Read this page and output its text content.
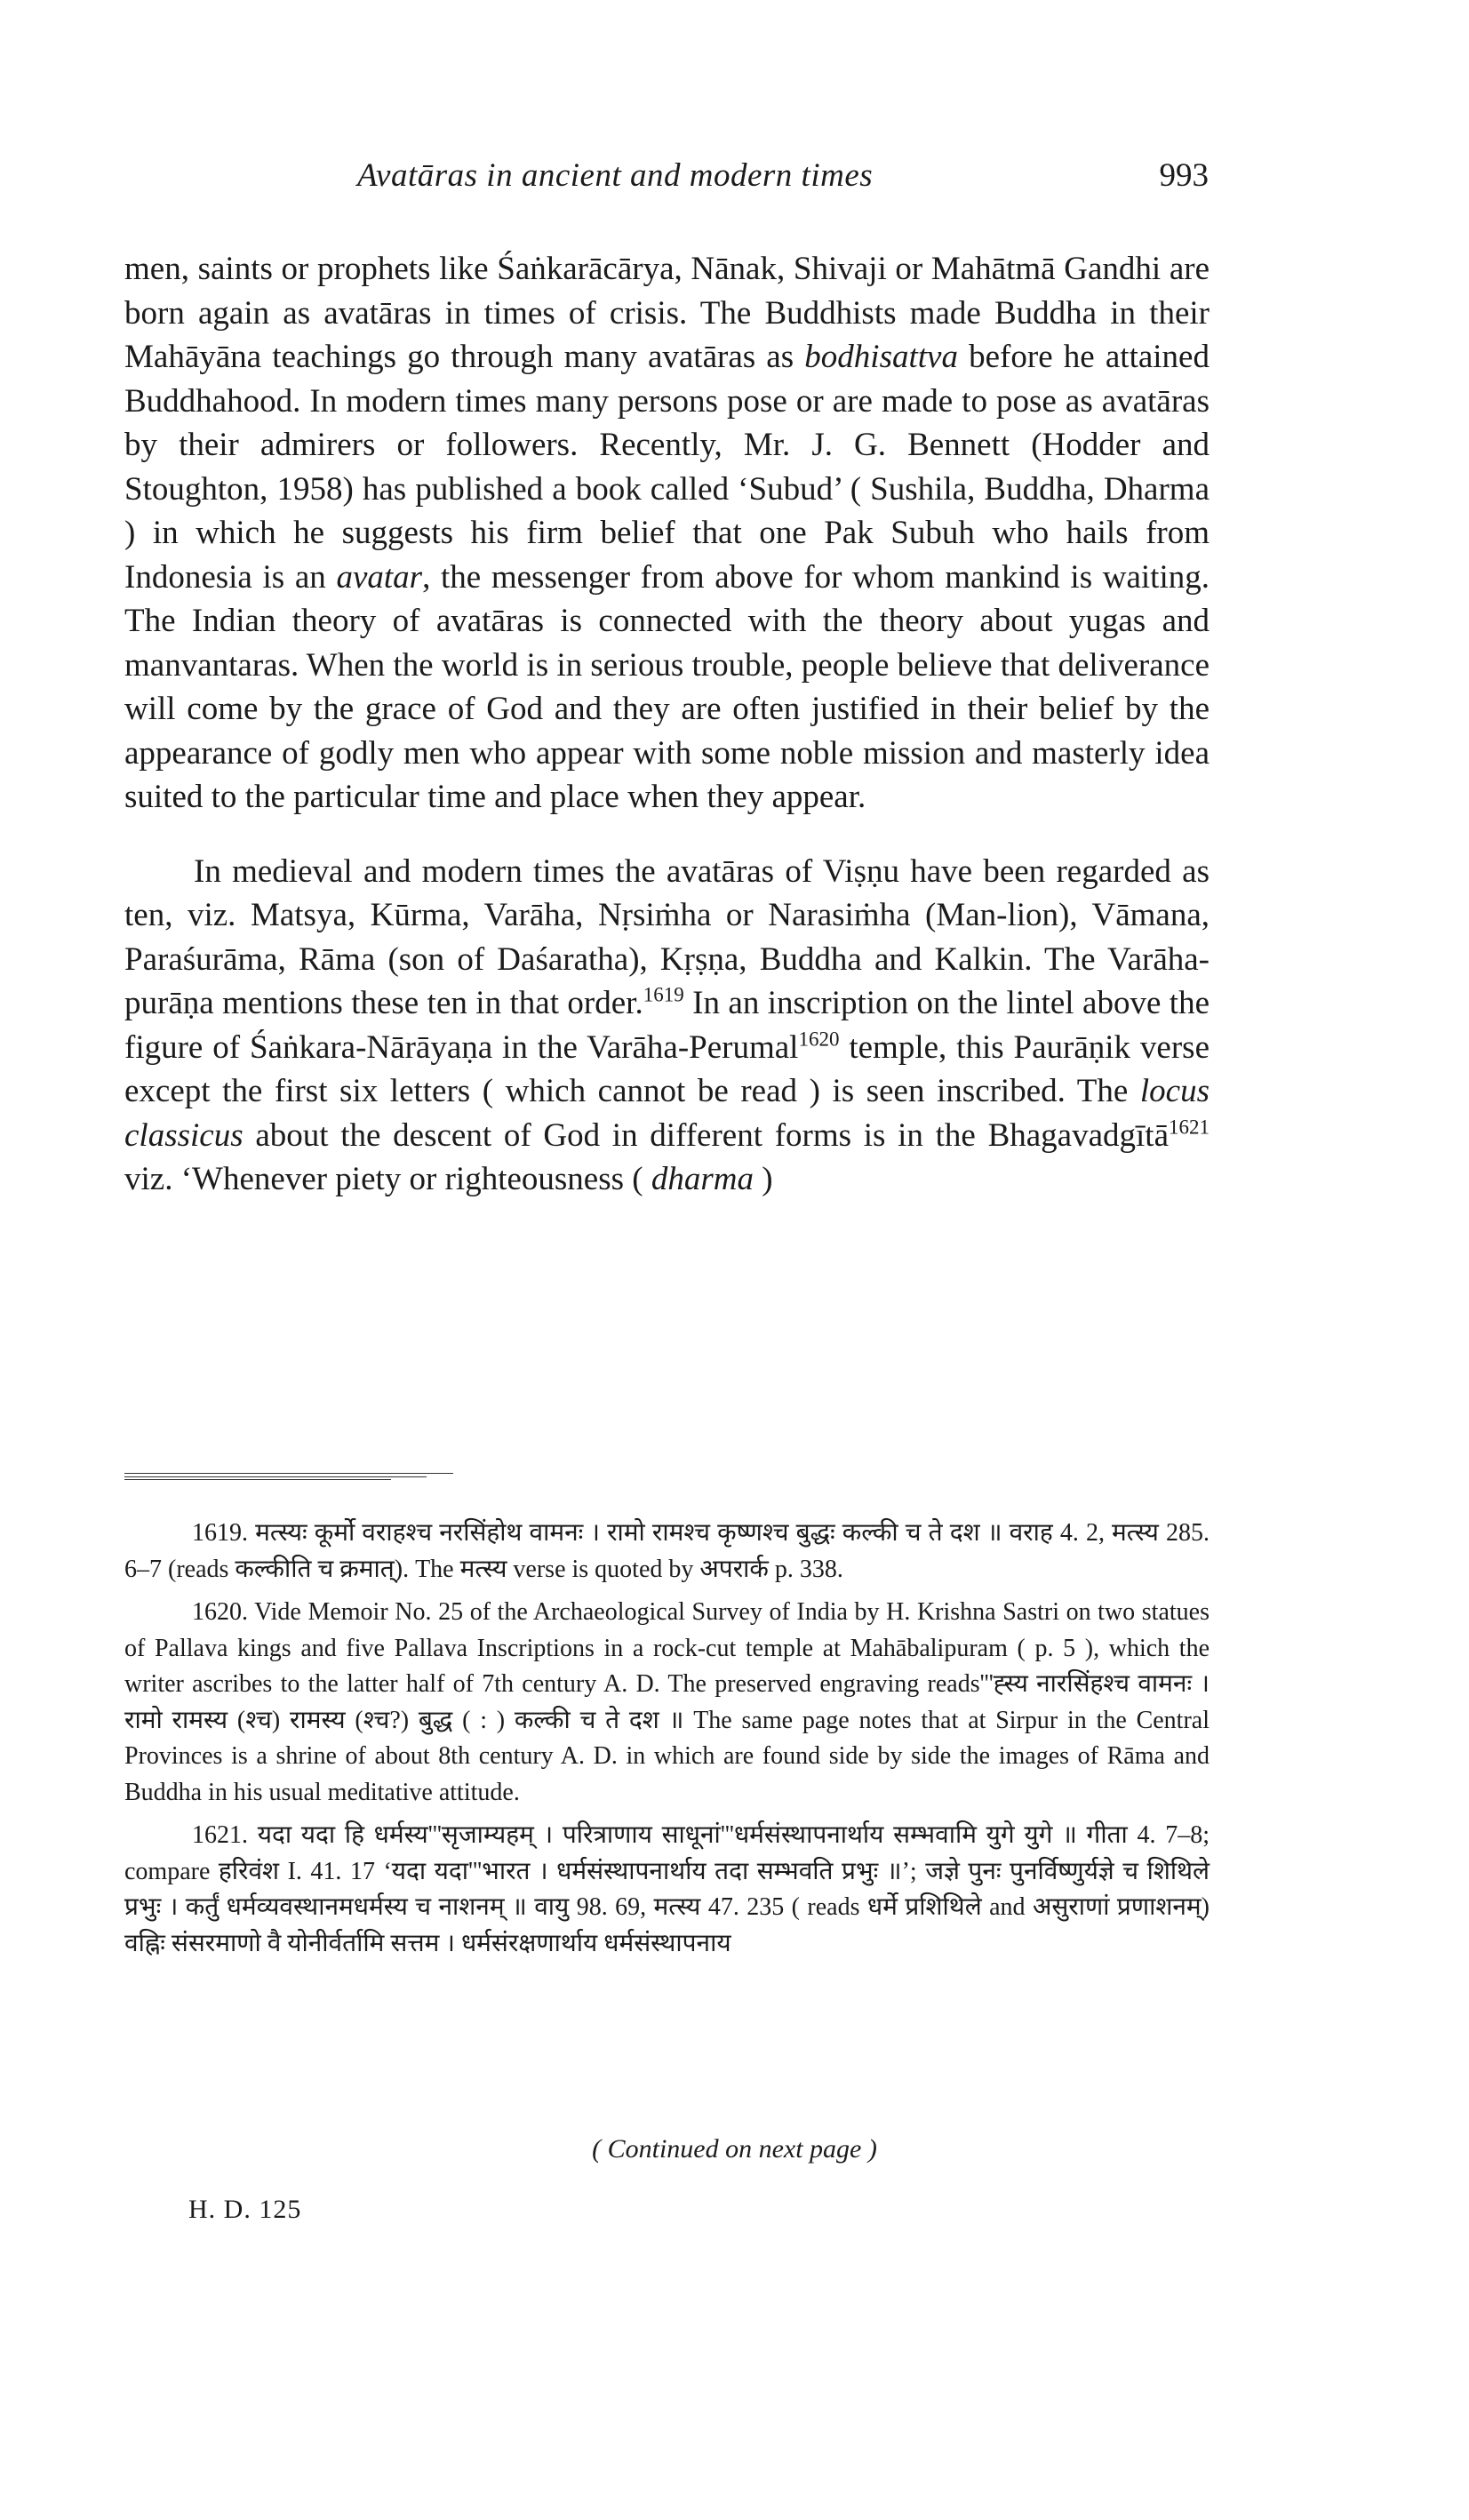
Avatāras in ancient and modern times	993

men, saints or prophets like Śaṅkarācārya, Nānak, Shivaji or Mahātmā Gandhi are born again as avatāras in times of crisis. The Buddhists made Buddha in their Mahāyāna teachings go through many avatāras as bodhisattva before he attained Buddhahood. In modern times many persons pose or are made to pose as avatāras by their admirers or followers. Recently, Mr. J. G. Bennett (Hodder and Stoughton, 1958) has published a book called ‘Subud’ ( Sushila, Buddha, Dharma ) in which he suggests his firm belief that one Pak Subuh who hails from Indonesia is an avatar, the messenger from above for whom mankind is waiting. The Indian theory of avatāras is connected with the theory about yugas and manvantaras. When the world is in serious trouble, people believe that deliverance will come by the grace of God and they are often justified in their belief by the appearance of godly men who appear with some noble mission and masterly idea suited to the particular time and place when they appear.

In medieval and modern times the avatāras of Viṣṇu have been regarded as ten, viz. Matsya, Kūrma, Varāha, Nṛsiṁha or Narasiṁha (Man-lion), Vāmana, Paraśurāma, Rāma (son of Daśaratha), Kṛṣṇa, Buddha and Kalkin. The Varāha-purāṇa mentions these ten in that order.$^{1619}$ In an inscription on the lintel above the figure of Śaṅkara-Nārāyaṇa in the Varāha-Perumal$^{1620}$ temple, this Paurāṇik verse except the first six letters ( which cannot be read ) is seen inscribed. The locus classicus about the descent of God in different forms is in the Bhagavadgītā$^{1621}$ viz. ‘Whenever piety or righteousness ( dharma )

1619. मत्स्यः कूर्मो वराहश्च नरसिंहोथ वामनः । रामो रामश्च कृष्णश्च बुद्धः कल्की च ते दश ॥ वराह 4. 2, मत्स्य 285. 6–7 (reads कल्कीति च क्रमात्). The मत्स्य verse is quoted by अपरार्क p. 338.

1620. Vide Memoir No. 25 of the Archaeological Survey of India by H. Krishna Sastri on two statues of Pallava kings and five Pallava Inscriptions in a rock-cut temple at Mahābalipuram ( p. 5 ), which the writer ascribes to the latter half of 7th century A. D. The preserved engraving reads'''ह्स्य नारसिंहश्च वामनः । रामो रामस्य (श्च) रामस्य (श्च?) बुद्ध ( : ) कल्की च ते दश ॥ The same page notes that at Sirpur in the Central Provinces is a shrine of about 8th century A. D. in which are found side by side the images of Rāma and Buddha in his usual meditative attitude.

1621. यदा यदा हि धर्मस्य'''सृजाम्यहम् । परित्राणाय साधूनां'''धर्मसंस्थापनार्थाय सम्भवामि युगे युगे ॥ गीता 4. 7–8; compare हरिवंश I. 41. 17 ‘यदा यदा'''भारत । धर्मसंस्थापनार्थाय तदा सम्भवति प्रभुः ॥’; जज्ञे पुनः पुनर्विष्णुर्यज्ञे च शिथिले प्रभुः । कर्तुं धर्मव्यवस्थानमधर्मस्य च नाशनम् ॥ वायु 98. 69, मत्स्य 47. 235 ( reads धर्मे प्रशिथिले and असुराणां प्रणाशनम्) वह्निः संसरमाणो वै योनीर्वर्तामि सत्तम । धर्मसंरक्षणार्थाय धर्मसंस्थापनाय

( Continued on next page )
H. D. 125
